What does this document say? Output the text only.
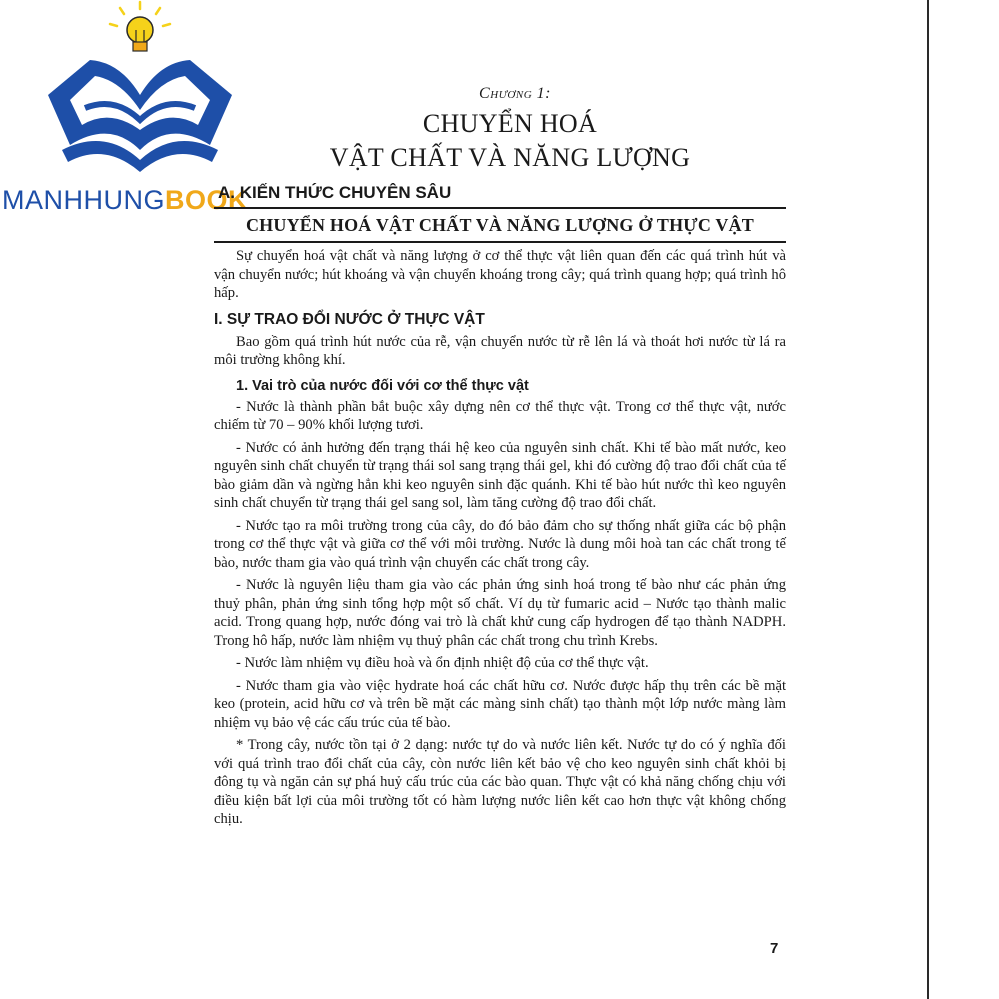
MANHHUNGBOOK
Chương 1:
CHUYỂN HOÁ
VẬT CHẤT VÀ NĂNG LƯỢNG
A. KIẾN THỨC CHUYÊN SÂU
CHUYỂN HOÁ VẬT CHẤT VÀ NĂNG LƯỢNG Ở THỰC VẬT

Sự chuyển hoá vật chất và năng lượng ở cơ thể thực vật liên quan đến các quá trình hút và vận chuyển nước; hút khoáng và vận chuyển khoáng trong cây; quá trình quang hợp; quá trình hô hấp.

I. SỰ TRAO ĐỔI NƯỚC Ở THỰC VẬT

Bao gồm quá trình hút nước của rễ, vận chuyển nước từ rễ lên lá và thoát hơi nước từ lá ra môi trường không khí.

1. Vai trò của nước đối với cơ thể thực vật

- Nước là thành phần bắt buộc xây dựng nên cơ thể thực vật. Trong cơ thể thực vật, nước chiếm từ 70 – 90% khối lượng tươi.

- Nước có ảnh hưởng đến trạng thái hệ keo của nguyên sinh chất. Khi tế bào mất nước, keo nguyên sinh chất chuyển từ trạng thái sol sang trạng thái gel, khi đó cường độ trao đổi chất của tế bào giảm dần và ngừng hẳn khi keo nguyên sinh đặc quánh. Khi tế bào hút nước thì keo nguyên sinh chất chuyển từ trạng thái gel sang sol, làm tăng cường độ trao đổi chất.

- Nước tạo ra môi trường trong của cây, do đó bảo đảm cho sự thống nhất giữa các bộ phận trong cơ thể thực vật và giữa cơ thể với môi trường. Nước là dung môi hoà tan các chất trong tế bào, nước tham gia vào quá trình vận chuyển các chất trong cây.

- Nước là nguyên liệu tham gia vào các phản ứng sinh hoá trong tế bào như các phản ứng thuỷ phân, phản ứng sinh tổng hợp một số chất. Ví dụ từ fumaric acid – Nước tạo thành malic acid. Trong quang hợp, nước đóng vai trò là chất khử cung cấp hydrogen để tạo thành NADPH. Trong hô hấp, nước làm nhiệm vụ thuỷ phân các chất trong chu trình Krebs.

- Nước làm nhiệm vụ điều hoà và ổn định nhiệt độ của cơ thể thực vật.

- Nước tham gia vào việc hydrate hoá các chất hữu cơ. Nước được hấp thụ trên các bề mặt keo (protein, acid hữu cơ và trên bề mặt các màng sinh chất) tạo thành một lớp nước màng làm nhiệm vụ bảo vệ các cấu trúc của tế bào.

* Trong cây, nước tồn tại ở 2 dạng: nước tự do và nước liên kết. Nước tự do có ý nghĩa đối với quá trình trao đổi chất của cây, còn nước liên kết bảo vệ cho keo nguyên sinh chất khỏi bị đông tụ và ngăn cản sự phá huỷ cấu trúc của các bào quan. Thực vật có khả năng chống chịu với điều kiện bất lợi của môi trường tốt có hàm lượng nước liên kết cao hơn thực vật không chống chịu.

7
